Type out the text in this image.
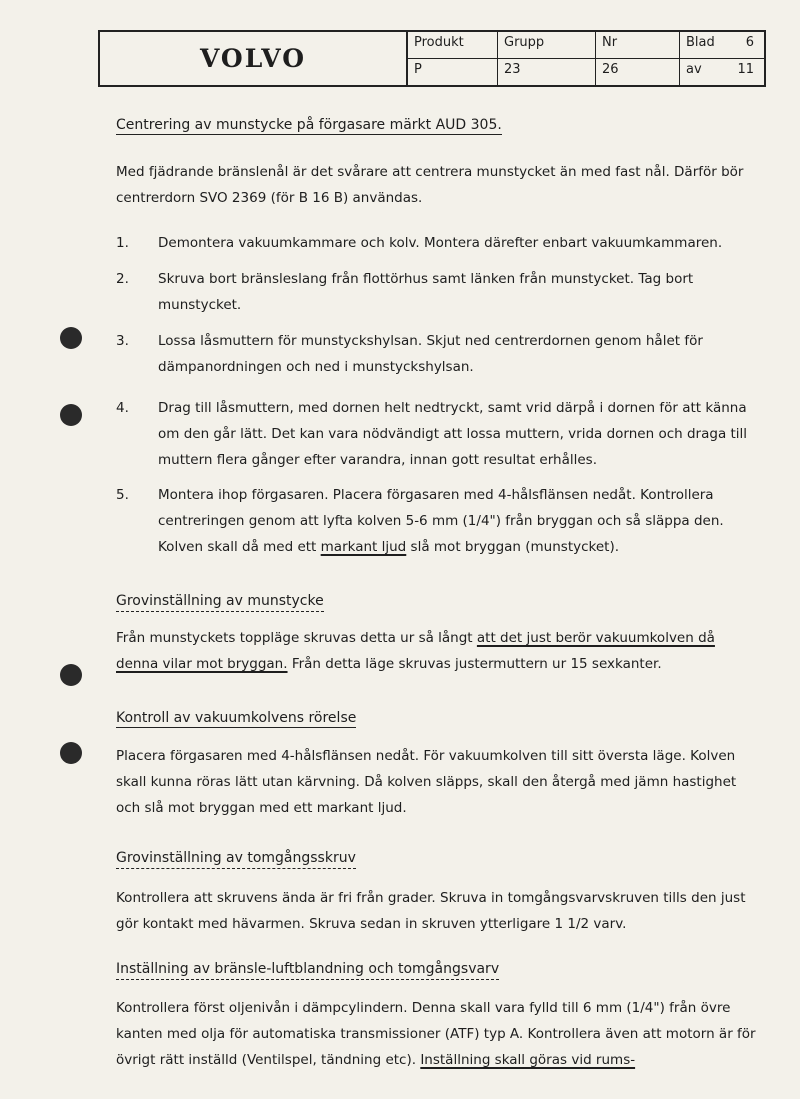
VOLVO
Produkt	Grupp	Nr	Blad 6
P	23	26	av	11
Centrering av munstycke på förgasare märkt AUD 305.
Med fjädrande bränslenål är det svårare att centrera munstycket än med fast nål. Därför bör centrerdorn SVO 2369 (för B 16 B) användas.
1. Demontera vakuumkammare och kolv. Montera därefter enbart vakuumkammaren.
2. Skruva bort bränsleslang från flottörhus samt länken från munstycket. Tag bort munstycket.
3. Lossa låsmuttern för munstyckshylsan. Skjut ned centrerdornen genom hålet för dämpanordningen och ned i munstyckshylsan.
4. Drag till låsmuttern, med dornen helt nedtryckt, samt vrid därpå i dornen för att känna om den går lätt. Det kan vara nödvändigt att lossa muttern, vrida dornen och draga till muttern flera gånger efter varandra, innan gott resultat erhålles.
5. Montera ihop förgasaren. Placera förgasaren med 4-hålsflänsen nedåt. Kontrollera centreringen genom att lyfta kolven 5-6 mm (1/4") från bryggan och så släppa den. Kolven skall då med ett markant ljud slå mot bryggan (munstycket).
Grovinställning av munstycke
Från munstyckets toppläge skruvas detta ur så långt att det just berör vakuumkolven då denna vilar mot bryggan. Från detta läge skruvas justermuttern ur 15 sexkanter.
Kontroll av vakuumkolvens rörelse
Placera förgasaren med 4-hålsflänsen nedåt. För vakuumkolven till sitt översta läge. Kolven skall kunna röras lätt utan kärvning. Då kolven släpps, skall den återgå med jämn hastighet och slå mot bryggan med ett markant ljud.
Grovinställning av tomgångsskruv
Kontrollera att skruvens ända är fri från grader. Skruva in tomgångsvarvskruven tills den just gör kontakt med hävarmen. Skruva sedan in skruven ytterligare 1 1/2 varv.
Inställning av bränsle-luftblandning och tomgångsvarv
Kontrollera först oljenivån i dämpcylindern. Denna skall vara fylld till 6 mm (1/4") från övre kanten med olja för automatiska transmissioner (ATF) typ A. Kontrollera även att motorn är för övrigt rätt inställd (Ventilspel, tändning etc). Inställning skall göras vid rums-
